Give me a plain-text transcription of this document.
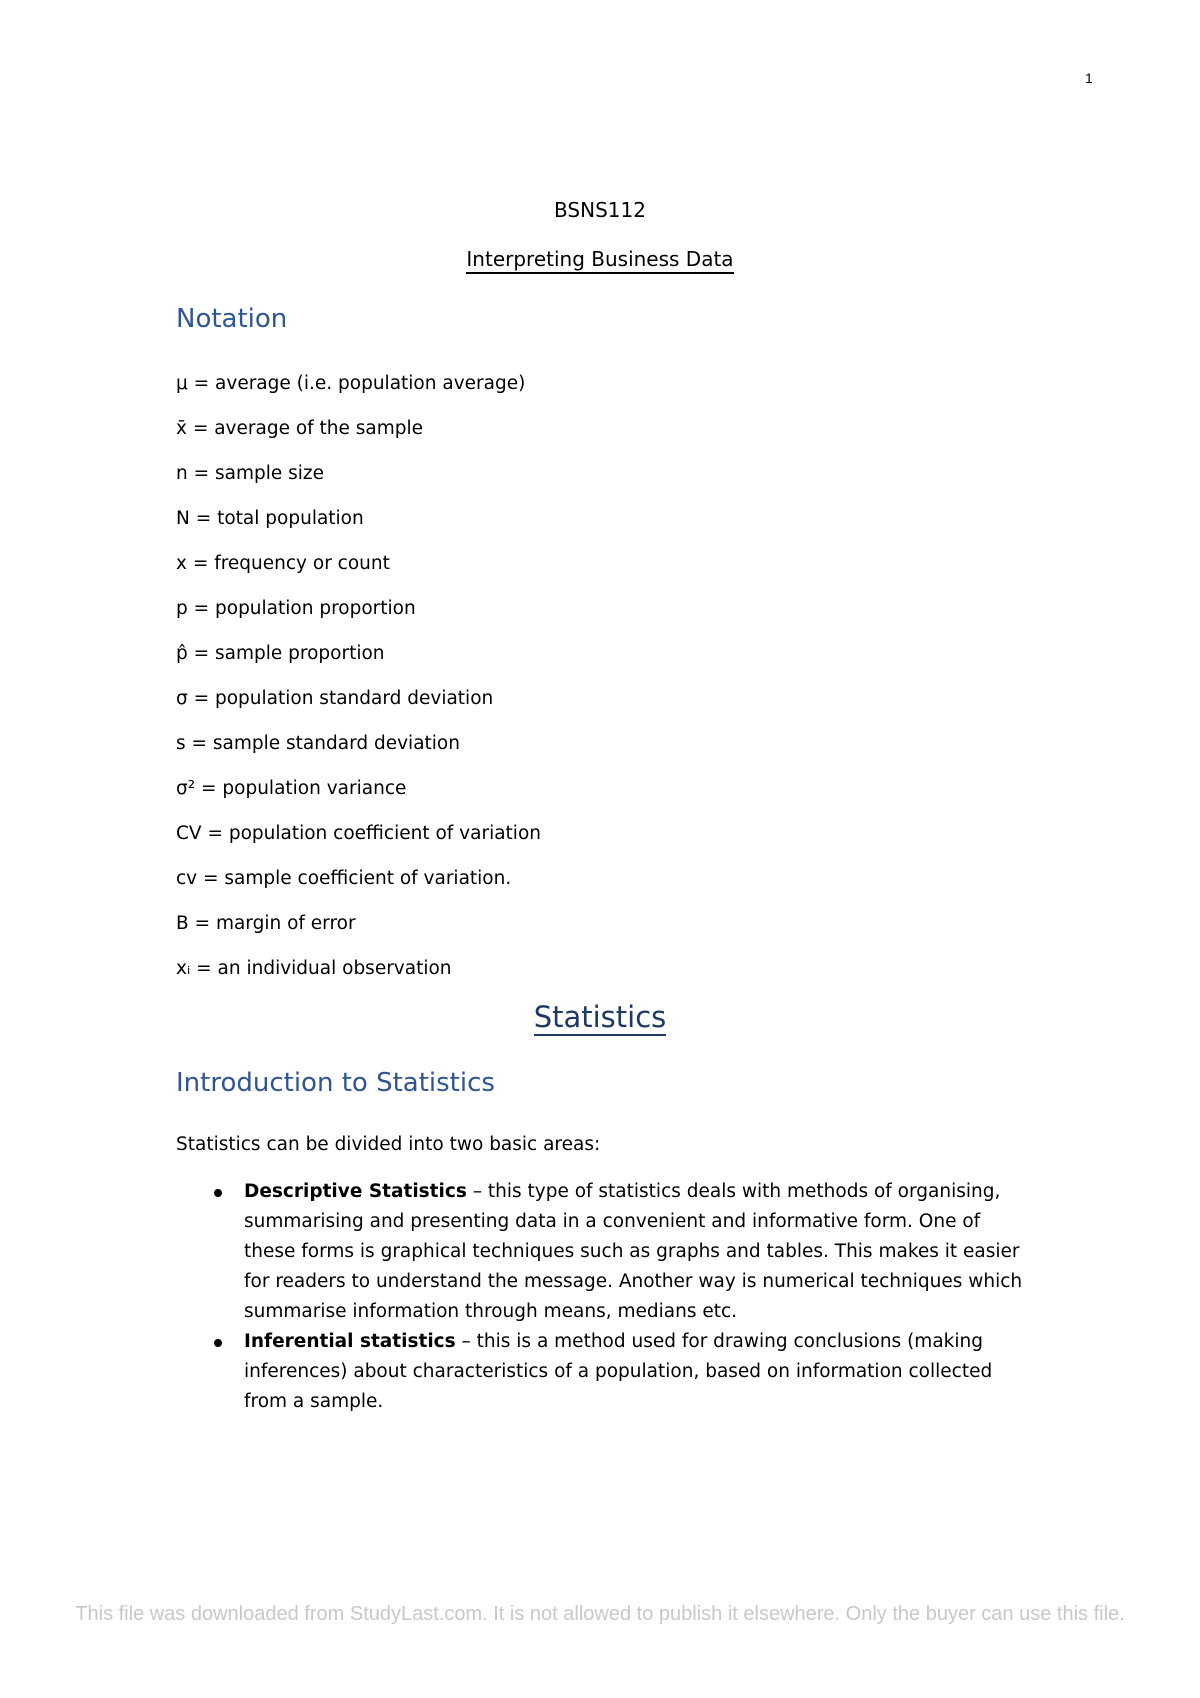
1
BSNS112
Interpreting Business Data
Notation
μ = average (i.e. population average)
x̄ = average of the sample
n = sample size
N = total population
x = frequency or count
p = population proportion
p̂ = sample proportion
σ = population standard deviation
s = sample standard deviation
σ² = population variance
CV = population coefficient of variation
cv = sample coefficient of variation.
B = margin of error
xᵢ = an individual observation
Statistics
Introduction to Statistics

Statistics can be divided into two basic areas:

Descriptive Statistics – this type of statistics deals with methods of organising, summarising and presenting data in a convenient and informative form. One of these forms is graphical techniques such as graphs and tables. This makes it easier for readers to understand the message. Another way is numerical techniques which summarise information through means, medians etc.
Inferential statistics – this is a method used for drawing conclusions (making inferences) about characteristics of a population, based on information collected from a sample.
This file was downloaded from StudyLast.com. It is not allowed to publish it elsewhere. Only the buyer can use this file.
